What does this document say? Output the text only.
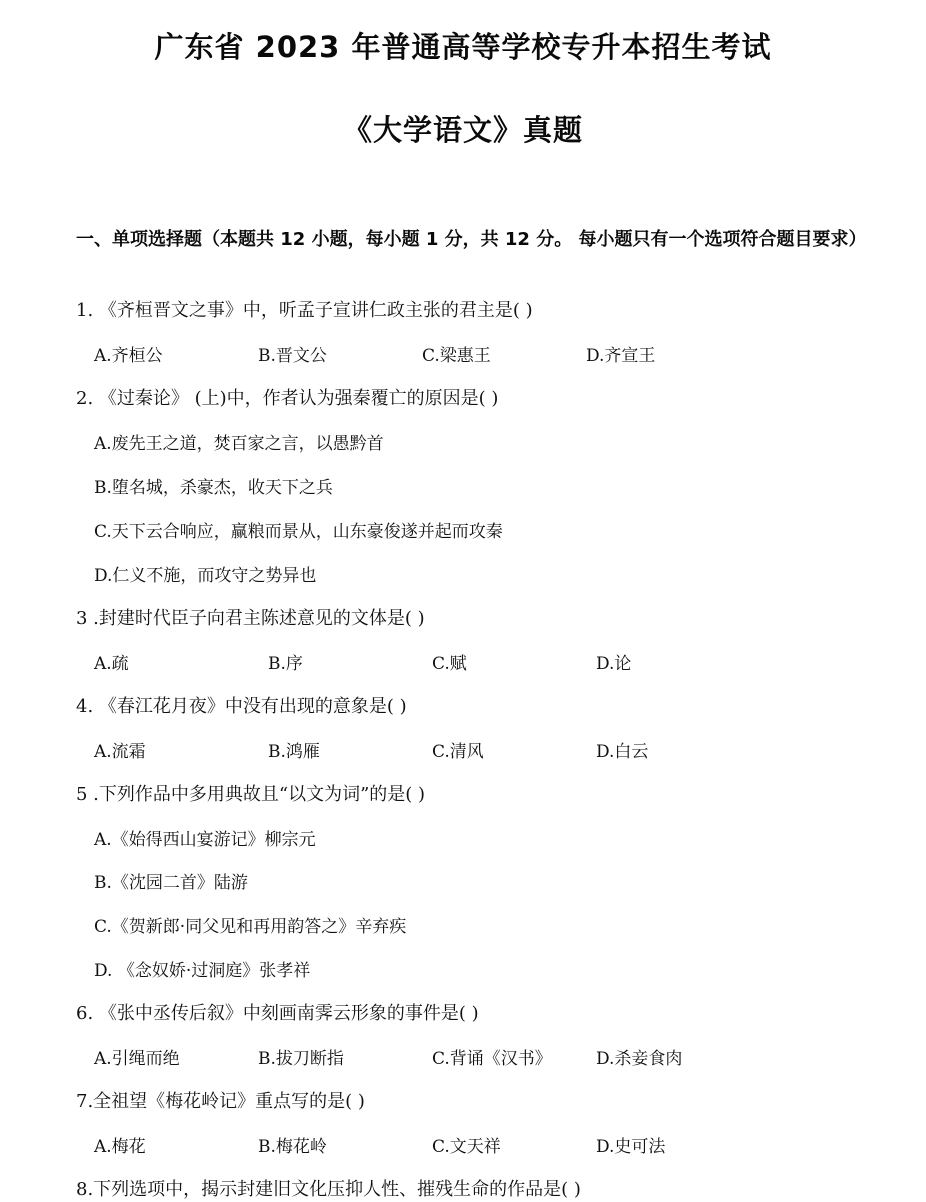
广东省 2023 年普通高等学校专升本招生考试
《大学语文》真题
一、单项选择题（本题共 12 小题，每小题 1 分，共 12 分。 每小题只有一个选项符合题目要求）
1. 《齐桓晋文之事》中，听孟子宣讲仁政主张的君主是( )
A.齐桓公	B.晋文公	C.梁惠王	D.齐宣王
2. 《过秦论》 (上)中，作者认为强秦覆亡的原因是( )
A.废先王之道，焚百家之言，以愚黔首
B.堕名城，杀豪杰，收天下之兵
C.天下云合响应，赢粮而景从，山东豪俊遂并起而攻秦
D.仁义不施，而攻守之势异也
3 .封建时代臣子向君主陈述意见的文体是( )
A.疏	B.序	C.赋	D.论
4. 《春江花月夜》中没有出现的意象是( )
A.流霜	B.鸿雁	C.清风	D.白云
5 .下列作品中多用典故且“以文为词”的是( )
A.《始得西山宴游记》柳宗元
B.《沈园二首》陆游
C.《贺新郎·同父见和再用韵答之》辛弃疾
D. 《念奴娇·过洞庭》张孝祥
6. 《张中丞传后叙》中刻画南霁云形象的事件是( )
A.引绳而绝	B.拔刀断指	C.背诵《汉书》	D.杀妾食肉
7.全祖望《梅花岭记》重点写的是( )
A.梅花	B.梅花岭	C.文天祥	D.史可法
8.下列选项中，揭示封建旧文化压抑人性、摧残生命的作品是( )
